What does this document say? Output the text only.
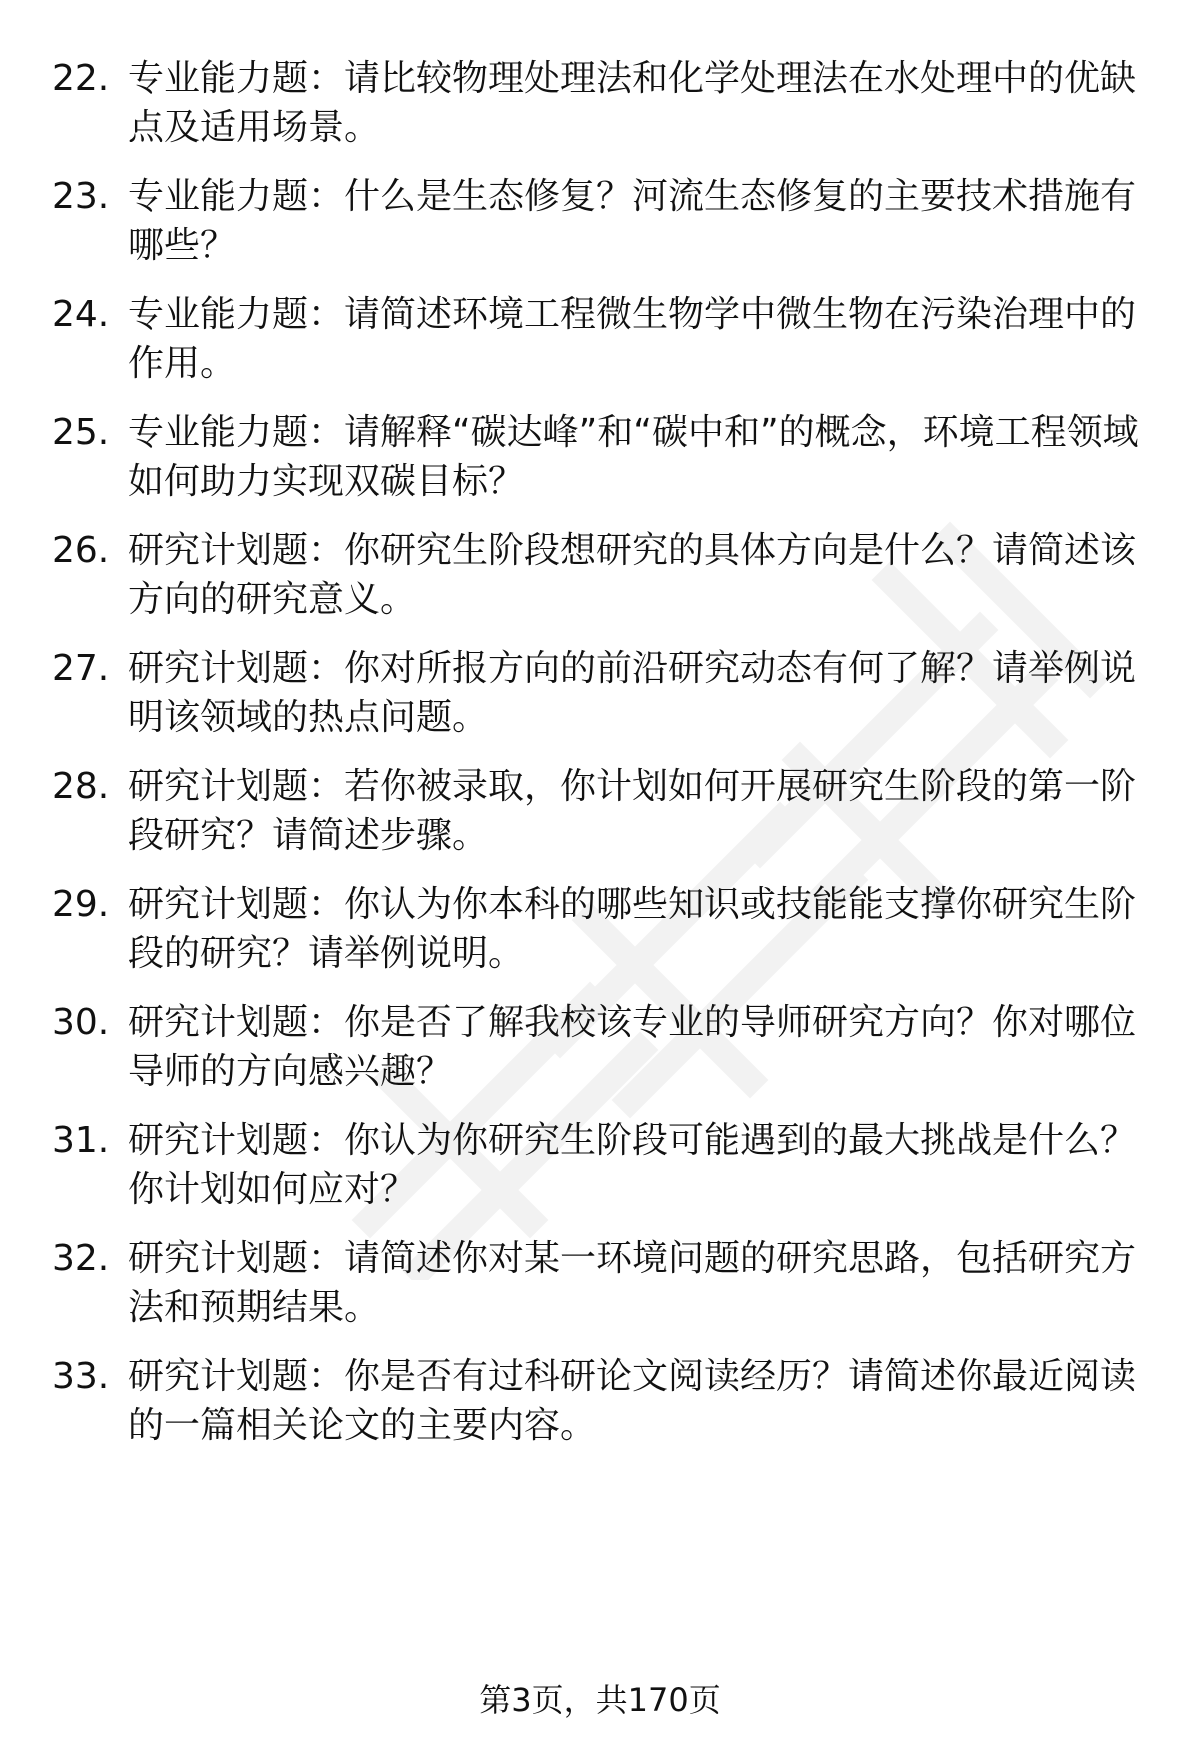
22. 专业能力题：请比较物理处理法和化学处理法在水处理中的优缺点及适用场景。
23. 专业能力题：什么是生态修复？河流生态修复的主要技术措施有哪些？
24. 专业能力题：请简述环境工程微生物学中微生物在污染治理中的作用。
25. 专业能力题：请解释“碳达峰”和“碳中和”的概念，环境工程领域如何助力实现双碳目标？
26. 研究计划题：你研究生阶段想研究的具体方向是什么？请简述该方向的研究意义。
27. 研究计划题：你对所报方向的前沿研究动态有何了解？请举例说明该领域的热点问题。
28. 研究计划题：若你被录取，你计划如何开展研究生阶段的第一阶段研究？请简述步骤。
29. 研究计划题：你认为你本科的哪些知识或技能能支撑你研究生阶段的研究？请举例说明。
30. 研究计划题：你是否了解我校该专业的导师研究方向？你对哪位导师的方向感兴趣？
31. 研究计划题：你认为你研究生阶段可能遇到的最大挑战是什么？你计划如何应对？
32. 研究计划题：请简述你对某一环境问题的研究思路，包括研究方法和预期结果。
33. 研究计划题：你是否有过科研论文阅读经历？请简述你最近阅读的一篇相关论文的主要内容。
第3页，共170页
